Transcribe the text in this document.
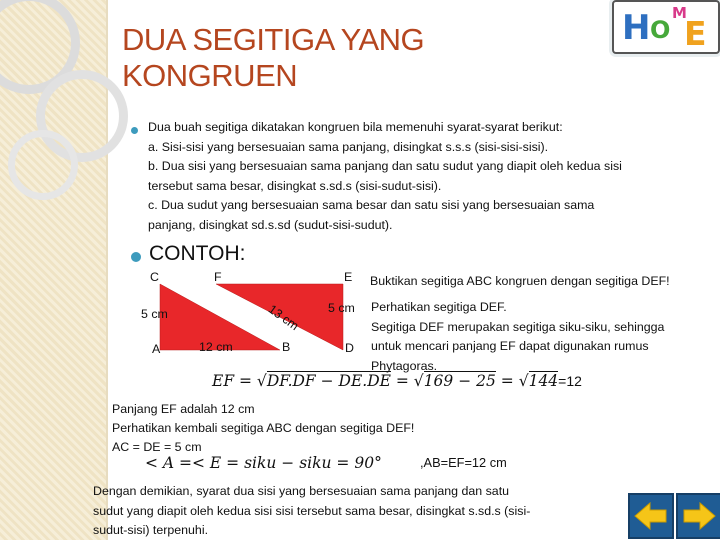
H O
M
E
DUA SEGITIGA YANG
KONGRUEN
Dua buah segitiga dikatakan kongruen bila memenuhi syarat-syarat berikut:
a. Sisi-sisi yang bersesuaian sama panjang, disingkat s.s.s (sisi-sisi-sisi).
b. Dua sisi yang bersesuaian sama panjang dan satu sudut yang diapit oleh kedua sisi
tersebut sama besar, disingkat s.sd.s (sisi-sudut-sisi).
c. Dua sudut yang bersesuaian sama besar dan satu sisi yang bersesuaian sama
panjang, disingkat sd.s.sd (sudut-sisi-sudut).
CONTOH:
C	F	E
5 cm	5 cm
13 cm
A	12 cm	B	D
Buktikan segitiga ABC kongruen dengan segitiga DEF!
Perhatikan segitiga DEF.
Segitiga DEF merupakan segitiga siku-siku, sehingga
untuk mencari panjang EF dapat digunakan rumus
Phytagoras.
EF = √DF.DF − DE.DE = √169 − 25 = √144=12
Panjang EF adalah 12 cm
Perhatikan kembali segitiga ABC dengan segitiga DEF!
AC = DE = 5 cm
< A =< E = siku − siku = 90°	,AB=EF=12 cm
Dengan demikian, syarat dua sisi yang bersesuaian sama panjang dan satu
sudut yang diapit oleh kedua sisi sisi tersebut sama besar, disingkat s.sd.s (sisi-
sudut-sisi) terpenuhi.
